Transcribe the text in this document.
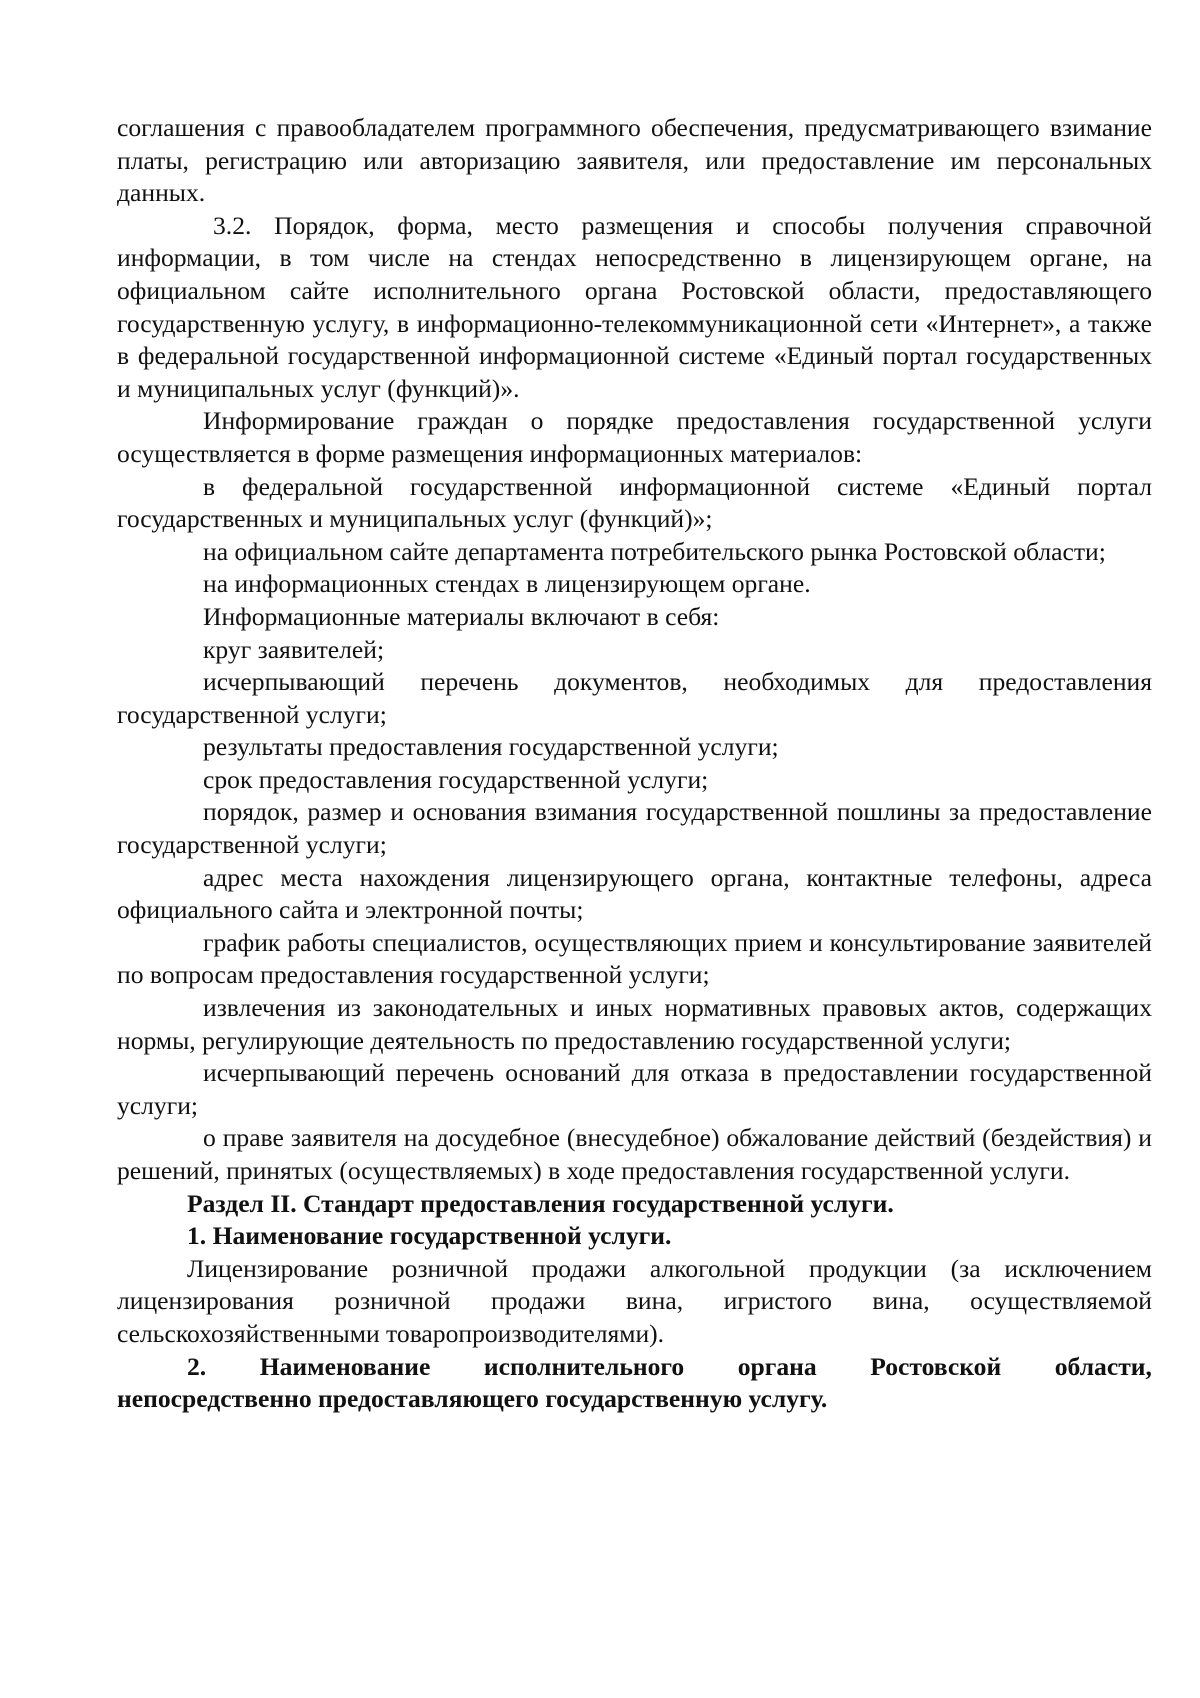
соглашения с правообладателем программного обеспечения, предусматривающего взимание платы, регистрацию или авторизацию заявителя, или предоставление им персональных данных.

3.2. Порядок, форма, место размещения и способы получения справочной информации, в том числе на стендах непосредственно в лицензирующем органе, на официальном сайте исполнительного органа Ростовской области, предоставляющего государственную услугу, в информационно-телекоммуникационной сети «Интернет», а также в федеральной государственной информационной системе «Единый портал государственных и муниципальных услуг (функций)».

Информирование граждан о порядке предоставления государственной услуги осуществляется в форме размещения информационных материалов:

в федеральной государственной информационной системе «Единый портал государственных и муниципальных услуг (функций)»;

на официальном сайте департамента потребительского рынка Ростовской области;

на информационных стендах в лицензирующем органе.

Информационные материалы включают в себя:

круг заявителей;

исчерпывающий перечень документов, необходимых для предоставления государственной услуги;

результаты предоставления государственной услуги;

срок предоставления государственной услуги;

порядок, размер и основания взимания государственной пошлины за предоставление государственной услуги;

адрес места нахождения лицензирующего органа, контактные телефоны, адреса официального сайта и электронной почты;

график работы специалистов, осуществляющих прием и консультирование заявителей по вопросам предоставления государственной услуги;

извлечения из законодательных и иных нормативных правовых актов, содержащих нормы, регулирующие деятельность по предоставлению государственной услуги;

исчерпывающий перечень оснований для отказа в предоставлении государственной услуги;

о праве заявителя на досудебное (внесудебное) обжалование действий (бездействия) и решений, принятых (осуществляемых) в ходе предоставления государственной услуги.

Раздел II. Стандарт предоставления государственной услуги.

1. Наименование государственной услуги.

Лицензирование розничной продажи алкогольной продукции (за исключением лицензирования розничной продажи вина, игристого вина, осуществляемой сельскохозяйственными товаропроизводителями).

2. Наименование исполнительного органа Ростовской области,

непосредственно предоставляющего государственную услугу.
